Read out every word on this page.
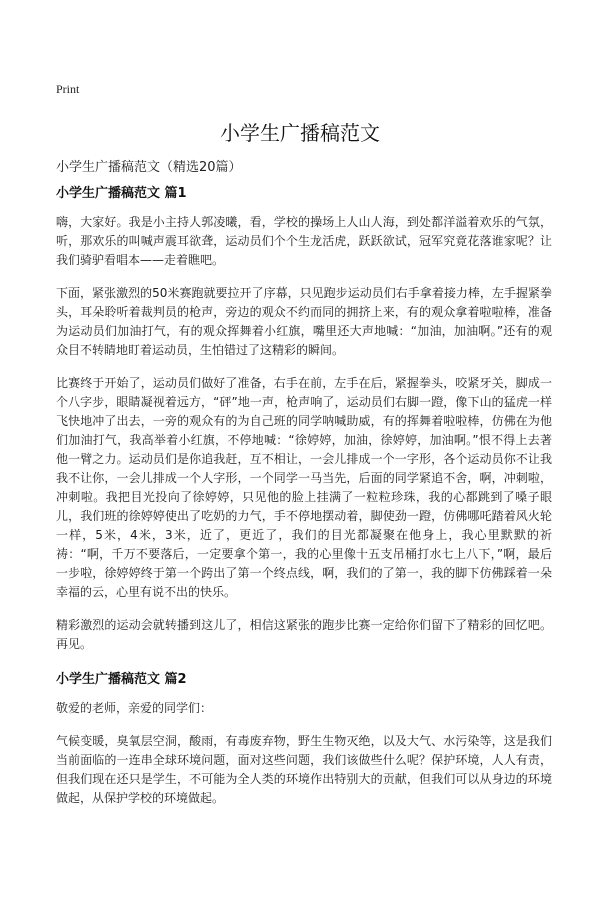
Print
小学生广播稿范文
小学生广播稿范文（精选20篇）
小学生广播稿范文 篇1

嗨，大家好。我是小主持人郭凌曦，看，学校的操场上人山人海，到处都洋溢着欢乐的气氛，听，那欢乐的叫喊声震耳欲聋，运动员们个个生龙活虎，跃跃欲试，冠军究竟花落谁家呢？让我们骑驴看唱本——走着瞧吧。

下面，紧张激烈的50米赛跑就要拉开了序幕，只见跑步运动员们右手拿着接力棒，左手握紧拳头，耳朵聆听着裁判员的枪声，旁边的观众不约而同的拥挤上来，有的观众拿着啦啦棒，准备为运动员们加油打气，有的观众挥舞着小红旗，嘴里还大声地喊：“加油，加油啊。”还有的观众目不转睛地盯着运动员，生怕错过了这精彩的瞬间。

比赛终于开始了，运动员们做好了准备，右手在前，左手在后，紧握拳头，咬紧牙关，脚成一个八字步，眼睛凝视着远方，“砰”地一声，枪声响了，运动员们右脚一蹬，像下山的猛虎一样飞快地冲了出去，一旁的观众有的为自己班的同学呐喊助威，有的挥舞着啦啦棒，仿佛在为他们加油打气，我高举着小红旗，不停地喊：“徐婷婷，加油，徐婷婷，加油啊。”恨不得上去著他一臂之力。运动员们是你追我赶，互不相让，一会儿排成一个一字形，各个运动员你不让我我不让你，一会儿排成一个人字形，一个同学一马当先，后面的同学紧追不舍，啊，冲刺啦，冲刺啦。我把目光投向了徐婷婷，只见他的脸上挂满了一粒粒珍珠，我的心都跳到了嗓子眼儿，我们班的徐婷婷使出了吃奶的力气，手不停地摆动着，脚使劲一蹬，仿佛哪吒踏着风火轮一样，5米，4米，3米，近了，更近了，我们的目光都凝聚在他身上，我心里默默的祈祷：“啊，千万不要落后，一定要拿个第一，我的心里像十五支吊桶打水七上八下，”啊，最后一步啦，徐婷婷终于第一个跨出了第一个终点线，啊，我们的了第一，我的脚下仿佛踩着一朵幸福的云，心里有说不出的快乐。

精彩激烈的运动会就转播到这儿了，相信这紧张的跑步比赛一定给你们留下了精彩的回忆吧。再见。

小学生广播稿范文 篇2

敬爱的老师，亲爱的同学们：

气候变暖，臭氧层空洞，酸雨，有毒废弃物，野生生物灭绝，以及大气、水污染等，这是我们当前面临的一连串全球环境问题，面对这些问题，我们该做些什么呢？保护环境，人人有责，但我们现在还只是学生，不可能为全人类的环境作出特别大的贡献，但我们可以从身边的环境做起，从保护学校的环境做起。
